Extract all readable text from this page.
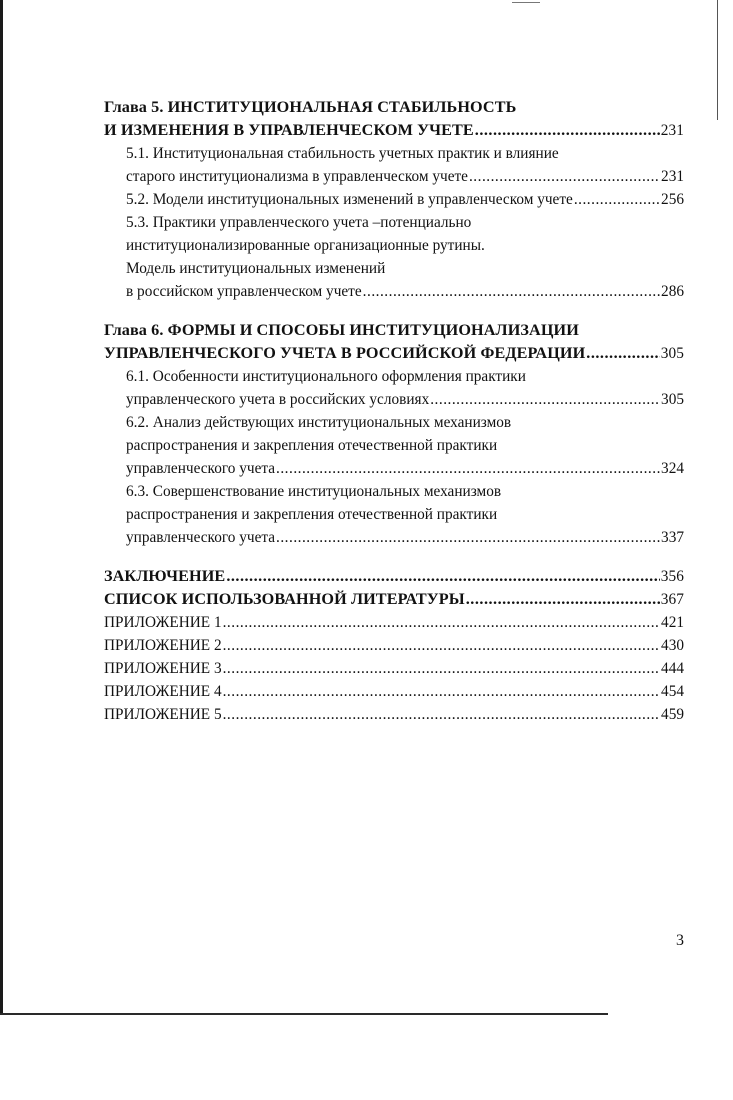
Глава 5. ИНСТИТУЦИОНАЛЬНАЯ СТАБИЛЬНОСТЬ
И ИЗМЕНЕНИЯ В УПРАВЛЕНЧЕСКОМ УЧЕТЕ .....	231
5.1. Институциональная стабильность учетных практик и влияние
старого институционализма в управленческом учете .....	231
5.2. Модели институциональных изменений в управленческом учете .....	256
5.3. Практики управленческого учета –потенциально
институционализированные организационные рутины.
Модель институциональных изменений
в российском управленческом учете .....	286
Глава 6. ФОРМЫ И СПОСОБЫ ИНСТИТУЦИОНАЛИЗАЦИИ
УПРАВЛЕНЧЕСКОГО УЧЕТА В РОССИЙСКОЙ ФЕДЕРАЦИИ .....	305
6.1. Особенности институционального оформления практики
управленческого учета в российских условиях .....	305
6.2. Анализ действующих институциональных механизмов
распространения и закрепления отечественной практики
управленческого учета .....	324
6.3. Совершенствование институциональных механизмов
распространения и закрепления отечественной практики
управленческого учета .....	337
ЗАКЛЮЧЕНИЕ .....	356
СПИСОК ИСПОЛЬЗОВАННОЙ ЛИТЕРАТУРЫ .....	367
ПРИЛОЖЕНИЕ 1 .....	421
ПРИЛОЖЕНИЕ 2 .....	430
ПРИЛОЖЕНИЕ 3 .....	444
ПРИЛОЖЕНИЕ 4 .....	454
ПРИЛОЖЕНИЕ 5 .....	459
3
